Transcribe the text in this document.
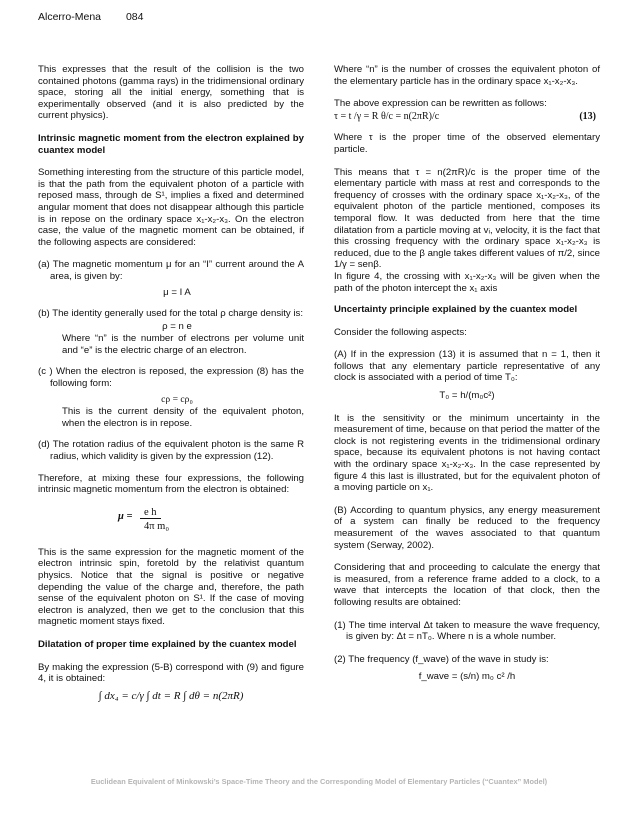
Alcerro-Mena 084

This expresses that the result of the collision is the two contained photons (gamma rays) in the tridimensional ordinary space, storing all the initial energy, something that is experimentally observed (and it is also predicted by the current physics).

Intrinsic magnetic moment from the electron explained by cuantex model

Something interesting from the structure of this particle model, is that the path from the equivalent photon of a particle with reposed mass, through de S¹, implies a fixed and determined angular moment that does not disappear although this particle is in repose on the ordinary space x₁-x₂-x₃. On the electron case, the value of the magnetic moment can be obtained, if the following aspects are considered:

(a) The magnetic momentum μ for an “I” current around the A area, is given by:
μ = I A
(b) The identity generally used for the total ρ charge density is:
ρ = n e
Where “n” is the number of electrons per volume unit and “e” is the electric charge of an electron.
(c ) When the electron is reposed, the expression (8) has the following form:
cρ = cρ₀
This is the current density of the equivalent photon, when the electron is in repose.
(d) The rotation radius of the equivalent photon is the same R radius, which validity is given by the expression (12).

Therefore, at mixing these four expressions, the following intrinsic magnetic momentum from the electron is obtained:

μ =	e h
4π m₀

This is the same expression for the magnetic moment of the electron intrinsic spin, foretold by the relativist quantum physics. Notice that the signal is positive or negative depending the value of the charge and, therefore, the path sense of the equivalent photon on S¹. If the case of moving electron is analyzed, then we get to the conclusion that this magnetic moment stays fixed.

Dilatation of proper time explained by the cuantex model

By making the expression (5-B) correspond with (9) and figure 4, it is obtained:

∫ dx₄ = c/γ ∫ dt = R ∫ dθ = n(2πR)

Where “n” is the number of crosses the equivalent photon of the elementary particle has in the ordinary space x₁-x₂-x₃.

The above expression can be rewritten as follows:

τ = t /γ = R θ/c = n(2πR)/c	(13)

Where τ is the proper time of the observed elementary particle.

This means that τ = n(2πR)/c is the proper time of the elementary particle with mass at rest and corresponds to the frequency of crosses with the ordinary space x₁-x₂-x₃, of the equivalent photon of the particle mentioned, composes its temporal flow. It was deducted from here that the time dilatation from a particle moving at vᵢ, velocity, it is the fact that this crossing frequency with the ordinary space x₁-x₂-x₃ is reduced, due to the β angle takes different values of π/2, since 1/γ = senβ.
In figure 4, the crossing with x₁-x₂-x₃ will be given when the path of the photon intercept the x₁ axis

Uncertainty principle explained by the cuantex model

Consider the following aspects:

(A) If in the expression (13) it is assumed that n = 1, then it follows that any elementary particle representative of any clock is associated with a period of time T₀:

T₀ = h/(m₀c²)

It is the sensitivity or the minimum uncertainty in the measurement of time, because on that period the matter of the clock is not registering events in the tridimensional ordinary space, because its equivalent photons is not having contact with the ordinary space x₁-x₂-x₃. In the case represented by figure 4 this last is illustrated, but for the equivalent photon of a moving particle on x₁.

(B) According to quantum physics, any energy measurement of a system can finally be reduced to the frequency measurement of the waves associated to that quantum system (Serway, 2002).

Considering that and proceeding to calculate the energy that is measured, from a reference frame added to a clock, to a wave that intercepts the location of that clock, then the following results are obtained:

(1) The time interval Δt taken to measure the wave frequency, is given by: Δt = nT₀. Where n is a whole number.
(2) The frequency (f_wave) of the wave in study is:
f_wave = (s/n) m₀ c² /h
Euclidean Equivalent of Minkowski’s Space-Time Theory and the Corresponding Model of Elementary Particles (“Cuantex” Model)
